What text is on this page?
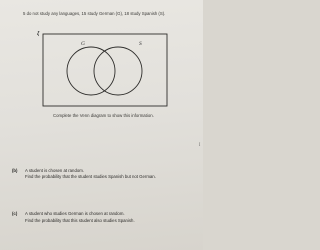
5 do not study any languages, 15 study German (G), 18 study Spanish (S).
G	S
ξ
Complete the Venn diagram to show this information.
[
(b) A student is chosen at random.
Find the probability that the student studies Spanish but not German.
(c) A student who studies German is chosen at random.
Find the probability that this student also studies Spanish.
